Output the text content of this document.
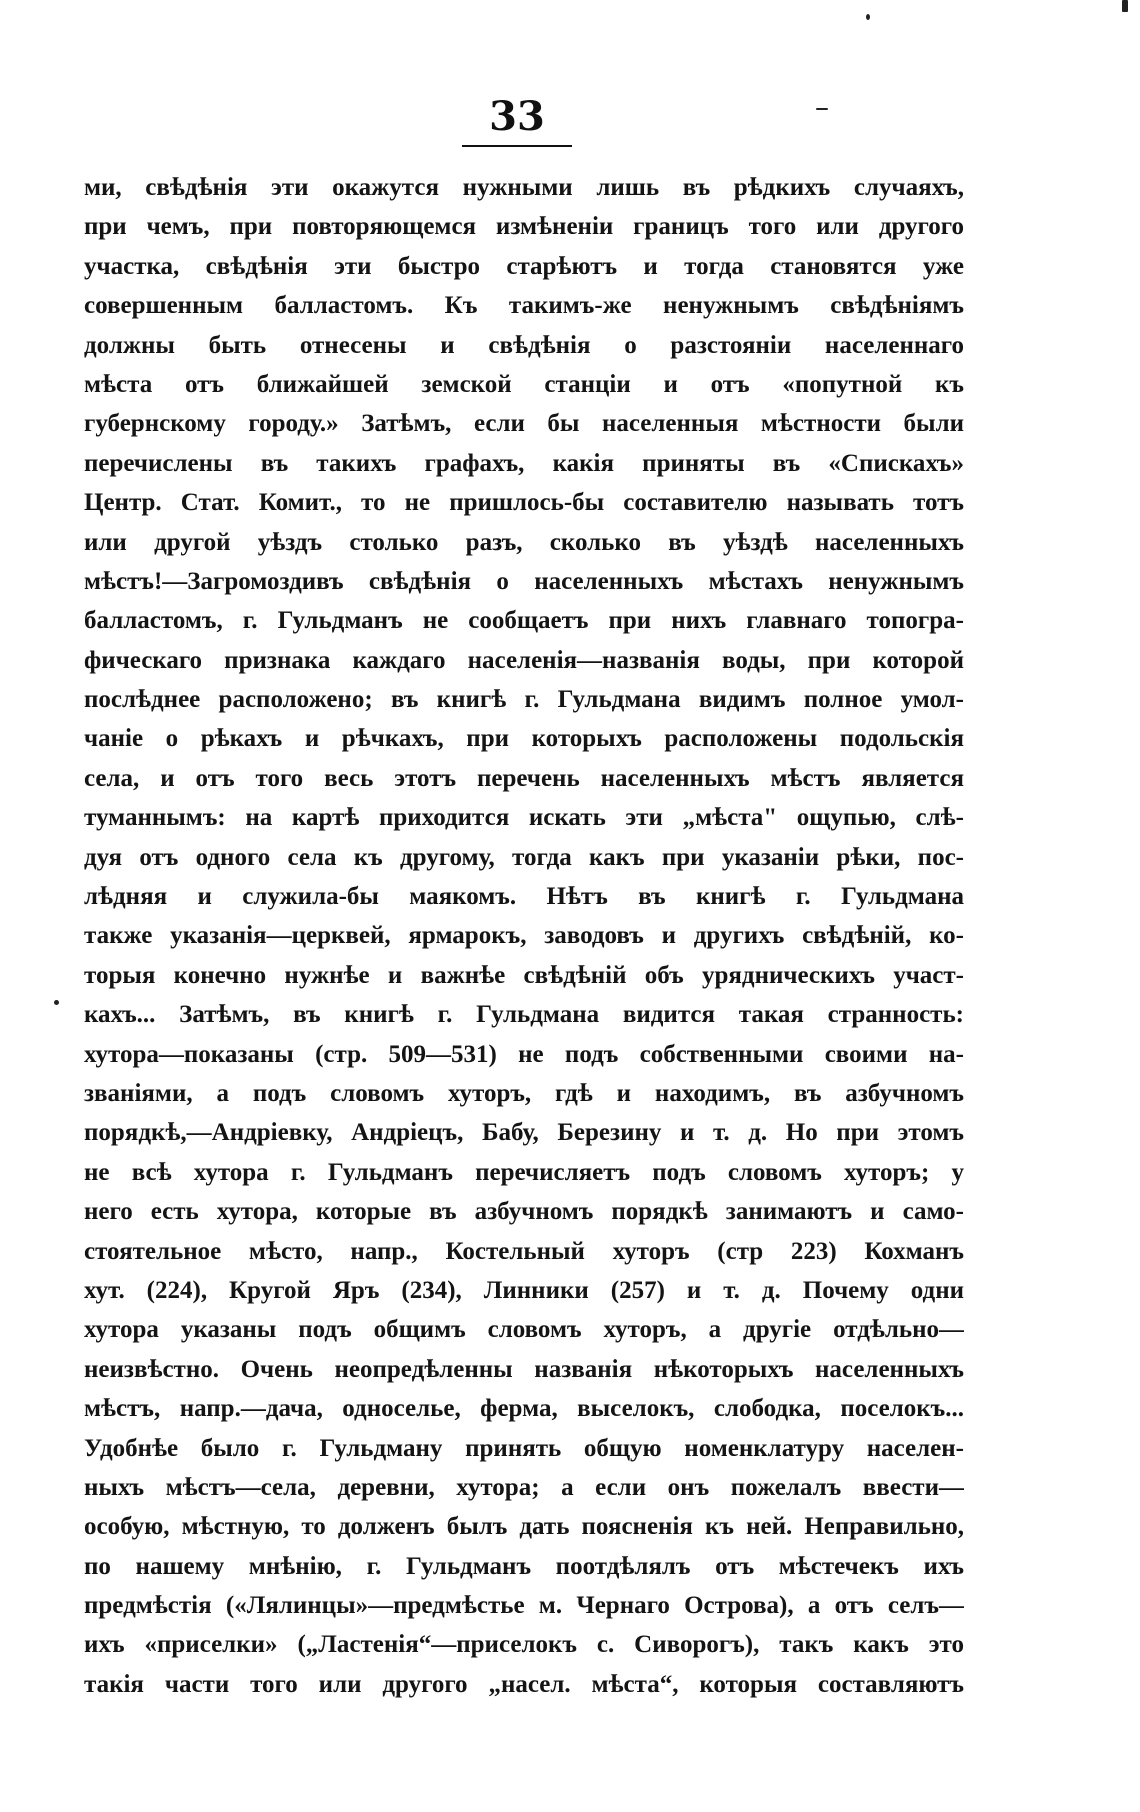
33
ми, свѣдѣнія эти окажутся нужными лишь въ рѣдкихъ случаяхъ,
при чемъ, при повторяющемся измѣненіи границъ того или другого
участка, свѣдѣнія эти быстро старѣютъ и тогда становятся уже
совершенным балластомъ. Къ такимъ-же ненужнымъ свѣдѣніямъ
должны быть отнесены и свѣдѣнія о разстояніи населеннаго
мѣста отъ ближайшей земской станціи и отъ «попутной къ
губернскому городу.» Затѣмъ, если бы населенныя мѣстности были
перечислены въ такихъ графахъ, какія приняты въ «Спискахъ»
Центр. Стат. Комит., то не пришлось-бы составителю называть тотъ
или другой уѣздъ столько разъ, сколько въ уѣздѣ населенныхъ
мѣстъ!—Загромоздивъ свѣдѣнія о населенныхъ мѣстахъ ненужнымъ
балластомъ, г. Гульдманъ не сообщаетъ при нихъ главнаго топогра-
фическаго признака каждаго населенія—названія воды, при которой
послѣднее расположено; въ книгѣ г. Гульдмана видимъ полное умол-
чаніе о рѣкахъ и рѣчкахъ, при которыхъ расположены подольскія
села, и отъ того весь этотъ перечень населенныхъ мѣстъ является
туманнымъ: на картѣ приходится искать эти „мѣста" ощупью, слѣ-
дуя отъ одного села къ другому, тогда какъ при указаніи рѣки, пос-
лѣдняя и служила-бы маякомъ. Нѣтъ въ книгѣ г. Гульдмана
также указанія—церквей, ярмарокъ, заводовъ и другихъ свѣдѣній, ко-
торыя конечно нужнѣе и важнѣе свѣдѣній объ урядническихъ участ-
кахъ... Затѣмъ, въ книгѣ г. Гульдмана видится такая странность:
хутора—показаны (стр. 509—531) не подъ собственными своими на-
званіями, а подъ словомъ хуторъ, гдѣ и находимъ, въ азбучномъ
порядкѣ,—Андріевку, Андріецъ, Бабу, Березину и т. д. Но при этомъ
не всѣ хутора г. Гульдманъ перечисляетъ подъ словомъ хуторъ; у
него есть хутора, которые въ азбучномъ порядкѣ занимаютъ и само-
стоятельное мѣсто, напр., Костельный хуторъ (стр 223) Кохманъ
хут. (224), Кругой Яръ (234), Линники (257) и т. д. Почему одни
хутора указаны подъ общимъ словомъ хуторъ, а другіе отдѣльно—
неизвѣстно. Очень неопредѣленны названія нѣкоторыхъ населенныхъ
мѣстъ, напр.—дача, односелье, ферма, выселокъ, слободка, поселокъ...
Удобнѣе было г. Гульдману принять общую номенклатуру населен-
ныхъ мѣстъ—села, деревни, хутора; а если онъ пожелалъ ввести—
особую, мѣстную, то долженъ былъ дать поясненія къ ней. Неправильно,
по нашему мнѣнію, г. Гульдманъ поотдѣлялъ отъ мѣстечекъ ихъ
предмѣстія («Лялинцы»—предмѣстье м. Чернаго Острова), а отъ селъ—
ихъ «приселки» („Ластенія“—приселокъ с. Сиворогъ), такъ какъ это
такія части того или другого „насел. мѣста“, которыя составляютъ
